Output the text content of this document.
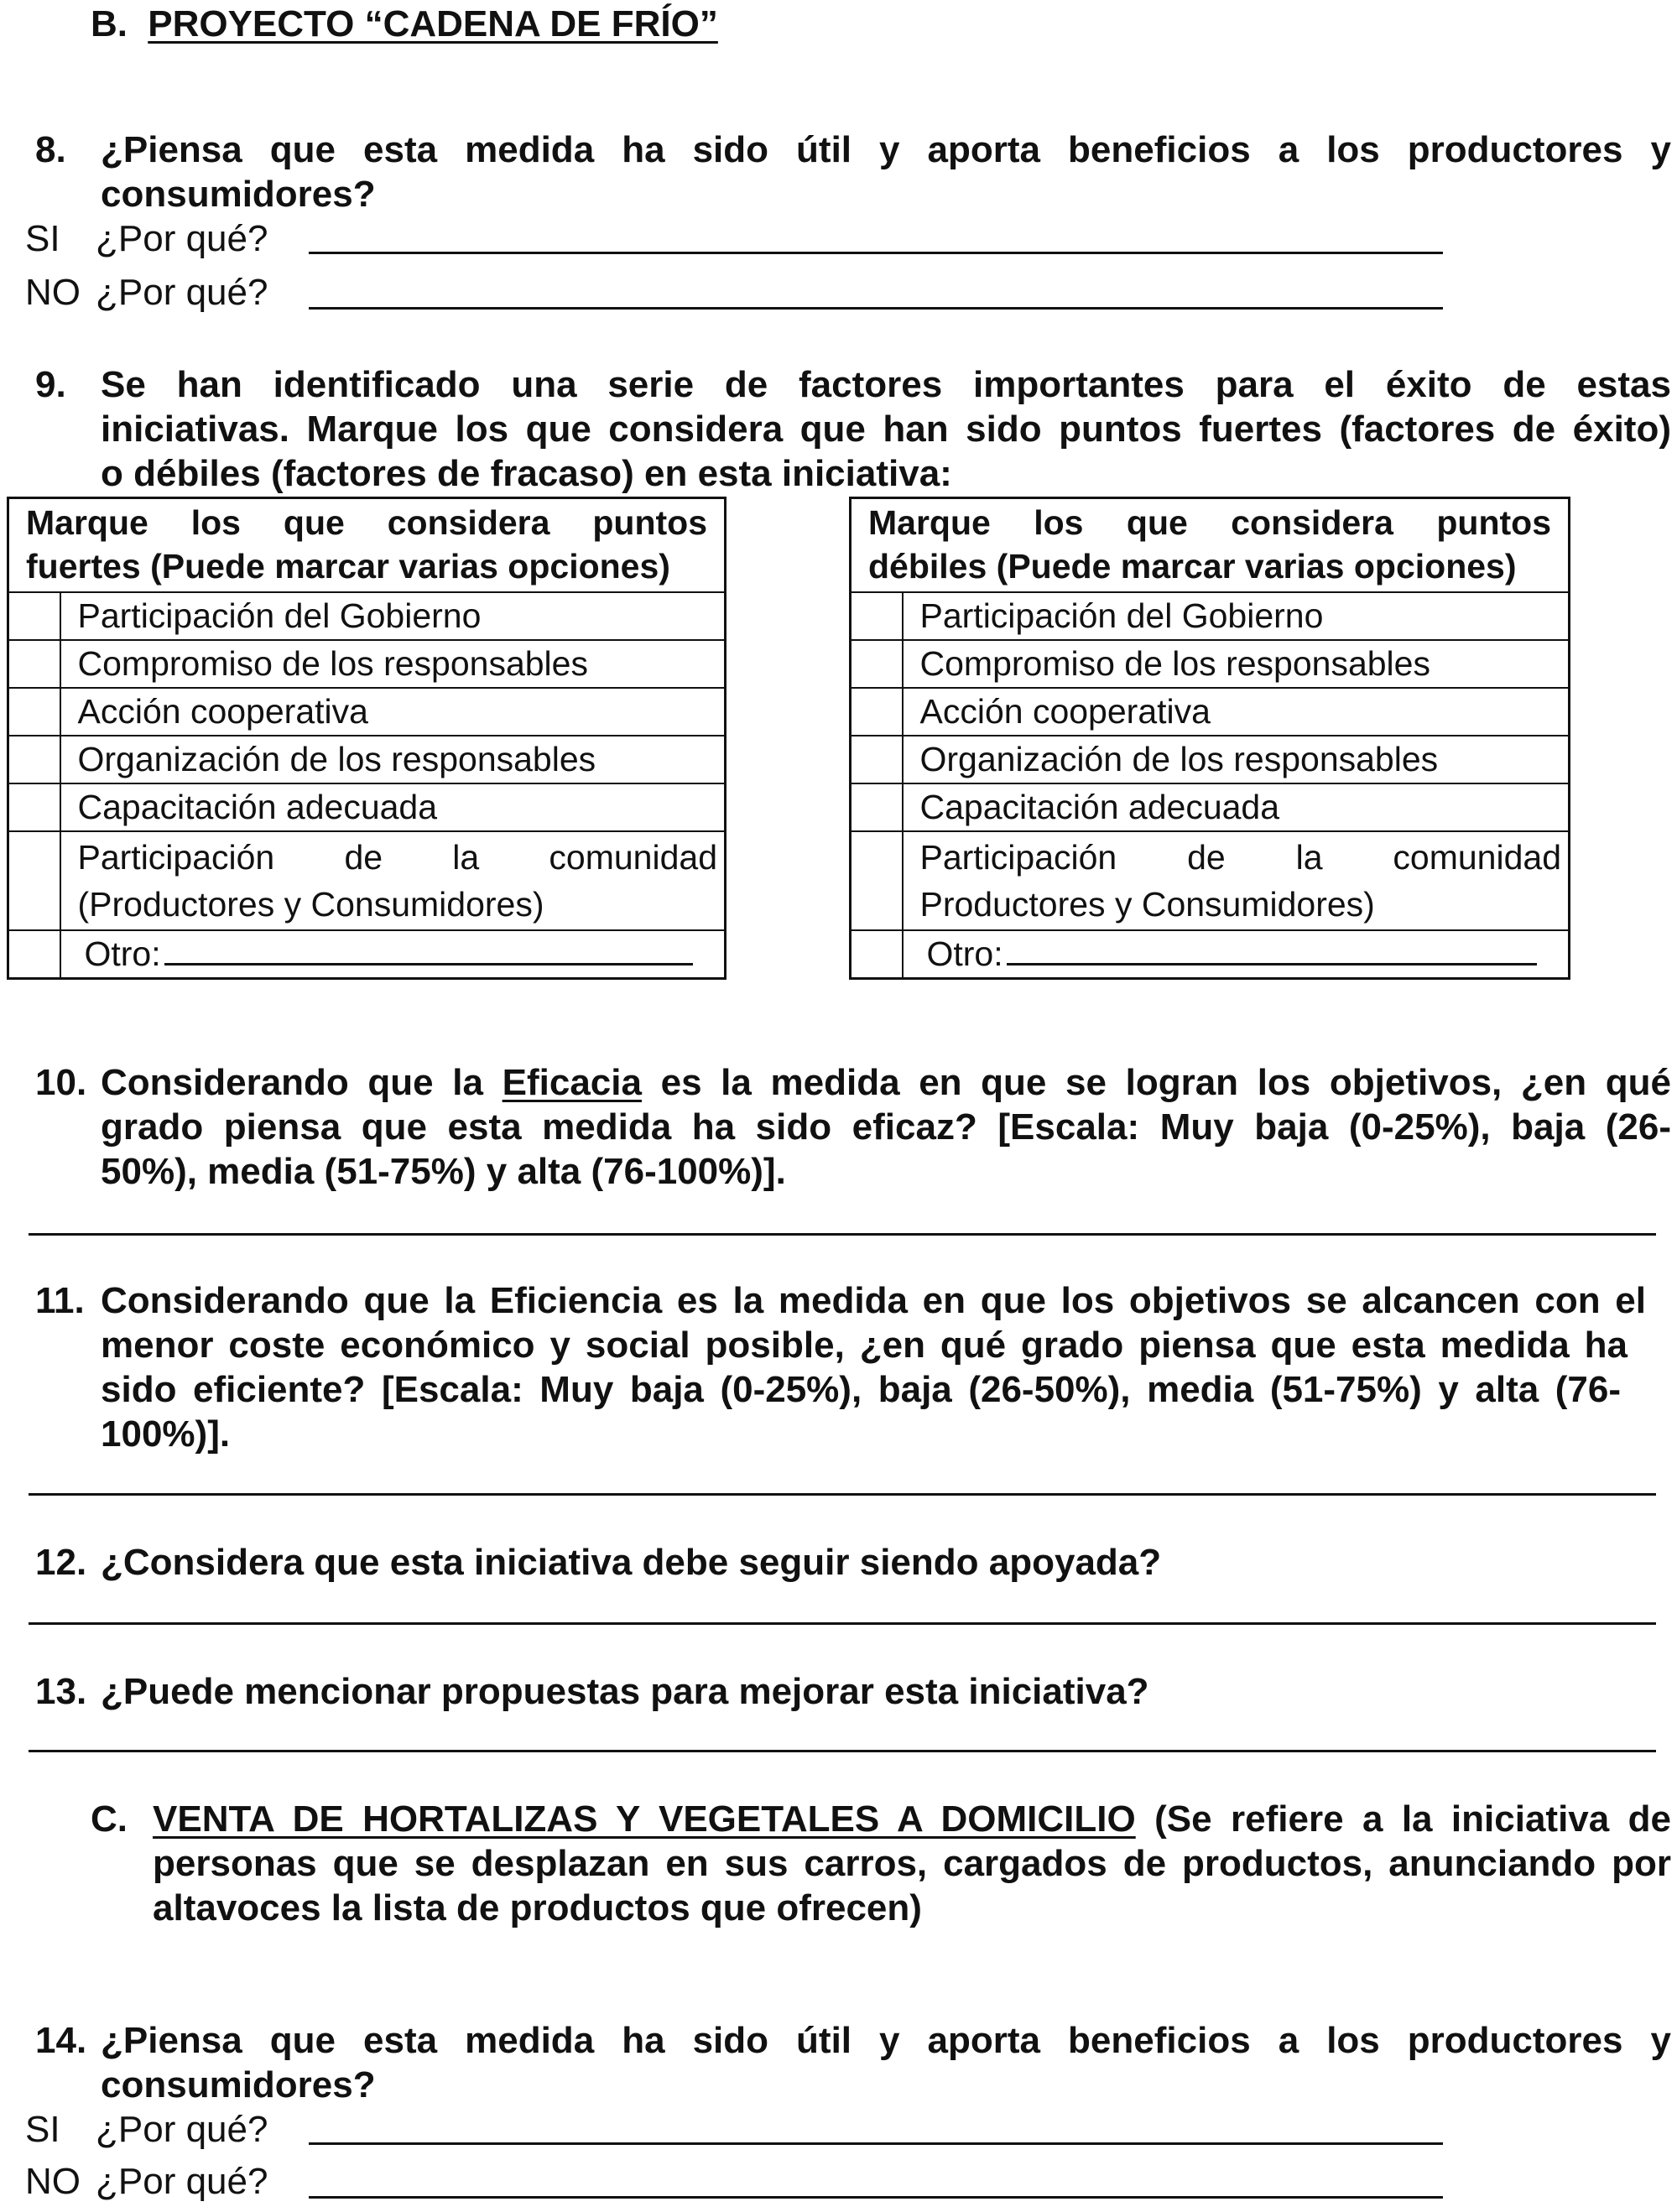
B. PROYECTO “CADENA DE FRÍO”
8. ¿Piensa que esta medida ha sido útil y aporta beneficios a los productores y
consumidores?
SI ¿Por qué?
NO ¿Por qué?
9. Se han identificado una serie de factores importantes para el éxito de estas
iniciativas. Marque los que considera que han sido puntos fuertes (factores de éxito)
o débiles (factores de fracaso) en esta iniciativa:
Marque los que considera puntos
fuertes (Puede marcar varias opciones)	
	Participación del Gobierno
	Compromiso de los responsables
	Acción cooperativa
	Organización de los responsables
	Capacitación adecuada

	Participación de la comunidad
(Productores y Consumidores)
	Otro:
Marque los que considera puntos
débiles (Puede marcar varias opciones)	
	Participación del Gobierno
	Compromiso de los responsables
	Acción cooperativa
	Organización de los responsables
	Capacitación adecuada

	Participación de la comunidad
Productores y Consumidores)
	Otro:
10. Considerando que la Eficacia es la medida en que se logran los objetivos, ¿en qué
grado piensa que esta medida ha sido eficaz? [Escala: Muy baja (0-25%), baja (26-
50%), media (51-75%) y alta (76-100%)].
11. Considerando que la Eficiencia es la medida en que los objetivos se alcancen con el
menor coste económico y social posible, ¿en qué grado piensa que esta medida ha
sido eficiente? [Escala: Muy baja (0-25%), baja (26-50%), media (51-75%) y alta (76-
100%)].
12. ¿Considera que esta iniciativa debe seguir siendo apoyada?
13. ¿Puede mencionar propuestas para mejorar esta iniciativa?
C. VENTA DE HORTALIZAS Y VEGETALES A DOMICILIO (Se refiere a la iniciativa de
personas que se desplazan en sus carros, cargados de productos, anunciando por
altavoces la lista de productos que ofrecen)
14. ¿Piensa que esta medida ha sido útil y aporta beneficios a los productores y
consumidores?
SI ¿Por qué?
NO ¿Por qué?
